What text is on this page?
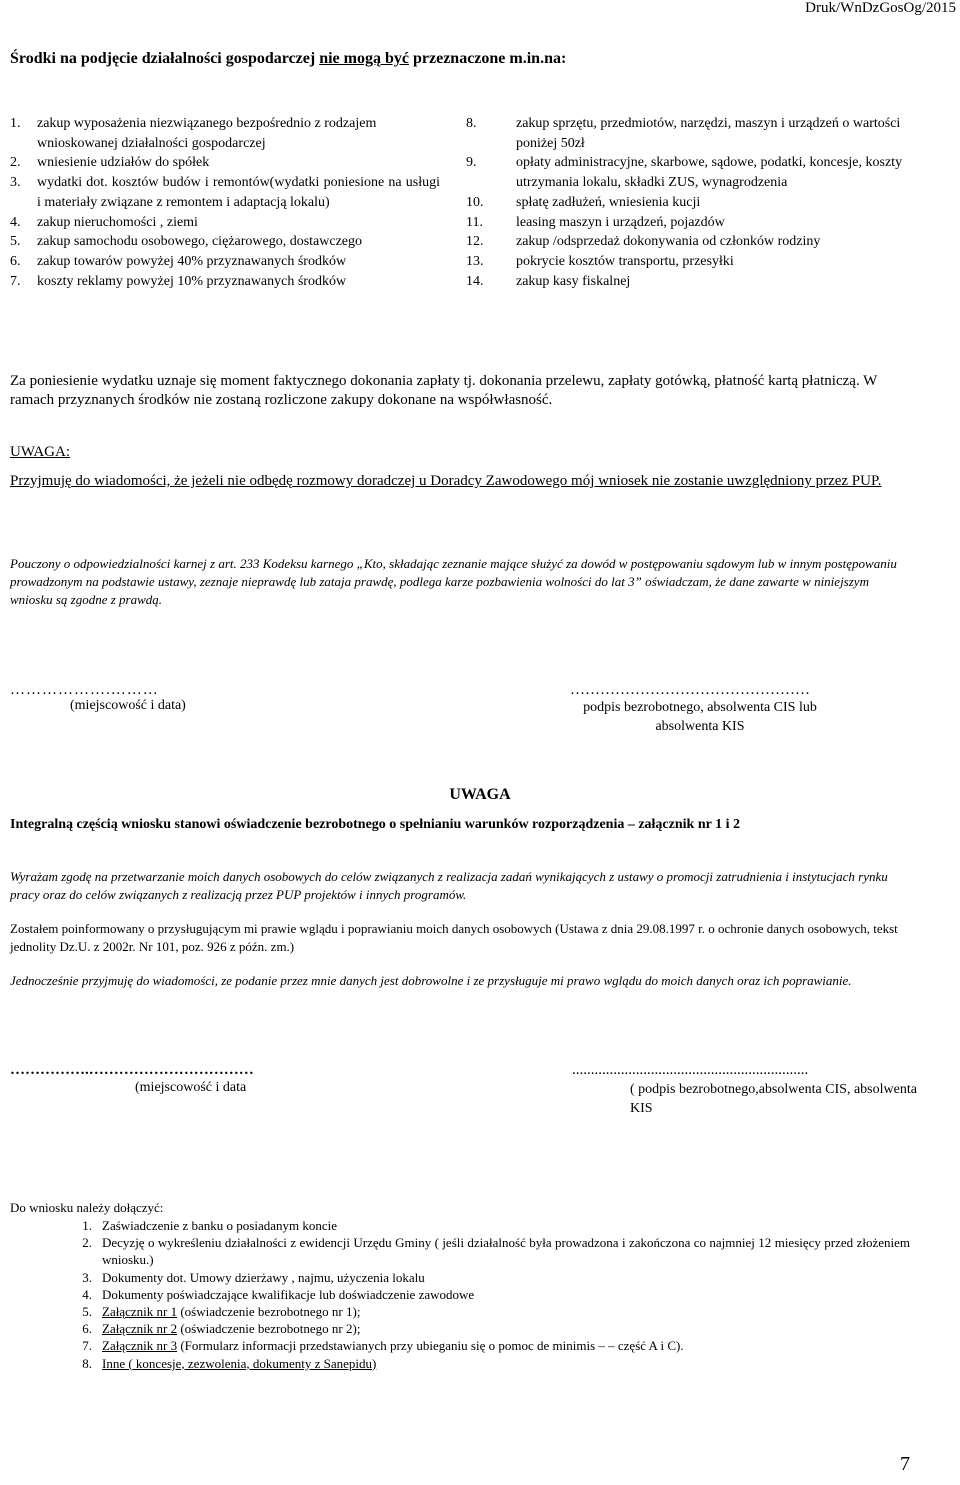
Druk/WnDzGosOg/2015
Środki na podjęcie działalności gospodarczej nie mogą być przeznaczone m.in.na:
1.	zakup wyposażenia niezwiązanego bezpośrednio z rodzajem wnioskowanej działalności gospodarczej
2.	wniesienie udziałów do spółek
3.	wydatki dot. kosztów budów i remontów(wydatki poniesione na usługi i materiały związane z remontem i adaptacją lokalu)
4.	zakup nieruchomości , ziemi
5.	zakup samochodu osobowego, ciężarowego, dostawczego
6.	zakup towarów powyżej 40% przyznawanych środków
7.	koszty reklamy powyżej 10% przyznawanych środków
8.	zakup sprzętu, przedmiotów, narzędzi, maszyn i urządzeń o wartości poniżej 50zł
9.	opłaty administracyjne, skarbowe, sądowe, podatki, koncesje, koszty utrzymania lokalu, składki ZUS, wynagrodzenia
10.	spłatę zadłużeń, wniesienia kucji
11.	leasing maszyn i urządzeń, pojazdów
12.	zakup /odsprzedaż dokonywania od członków rodziny
13.	pokrycie kosztów transportu, przesyłki
14.	zakup kasy fiskalnej
Za poniesienie wydatku uznaje się moment faktycznego dokonania zapłaty tj. dokonania przelewu, zapłaty gotówką, płatność kartą płatniczą. W ramach przyznanych środków nie zostaną rozliczone zakupy dokonane na współwłasność.
UWAGA:
Przyjmuję do wiadomości, że jeżeli nie odbędę rozmowy doradczej u Doradcy Zawodowego mój wniosek nie zostanie uwzględniony przez PUP.
Pouczony o odpowiedzialności karnej z art. 233 Kodeksu karnego „Kto, składając zeznanie mające służyć za dowód w postępowaniu sądowym lub w innym postępowaniu prowadzonym na podstawie ustawy, zeznaje nieprawdę lub zataja prawdę, podlega karze pozbawienia wolności do lat 3” oświadczam, że dane zawarte w niniejszym wniosku są zgodne z prawdą.
……………….………
(miejscowość i data)
…………………………………………
podpis bezrobotnego, absolwenta CIS lub absolwenta KIS
UWAGA
Integralną częścią wniosku stanowi oświadczenie bezrobotnego o spełnianiu warunków rozporządzenia – załącznik nr 1 i 2
Wyrażam zgodę na przetwarzanie moich danych osobowych do celów związanych z realizacja zadań wynikających z ustawy o promocji zatrudnienia i instytucjach rynku pracy oraz do celów związanych z realizacją przez PUP projektów i innych programów.
Zostałem poinformowany o przysługującym mi prawie wglądu i poprawianiu moich danych osobowych (Ustawa z dnia 29.08.1997 r. o ochronie danych osobowych, tekst jednolity Dz.U. z 2002r. Nr 101, poz. 926 z późn. zm.)
Jednocześnie przyjmuję do wiadomości, ze podanie przez mnie danych jest dobrowolne i ze przysługuje mi prawo wglądu do moich danych oraz ich poprawianie.
…………….……………………………
(miejscowość i data
...............................................................
( podpis bezrobotnego,absolwenta CIS, absolwenta KIS
Do wniosku należy dołączyć:
1. Zaświadczenie z banku o posiadanym koncie
2. Decyzję o wykreśleniu działalności z ewidencji Urzędu Gminy ( jeśli działalność była prowadzona i zakończona co najmniej 12 miesięcy przed złożeniem wniosku.)
3. Dokumenty dot. Umowy dzierżawy , najmu, użyczenia lokalu
4. Dokumenty poświadczające kwalifikacje lub doświadczenie zawodowe
5. Załącznik nr 1 (oświadczenie bezrobotnego nr 1);
6. Załącznik nr 2 (oświadczenie bezrobotnego nr 2);
7. Załącznik nr 3 (Formularz informacji przedstawianych przy ubieganiu się o pomoc de minimis – – część A i C).
8. Inne ( koncesje, zezwolenia, dokumenty z Sanepidu)
7
